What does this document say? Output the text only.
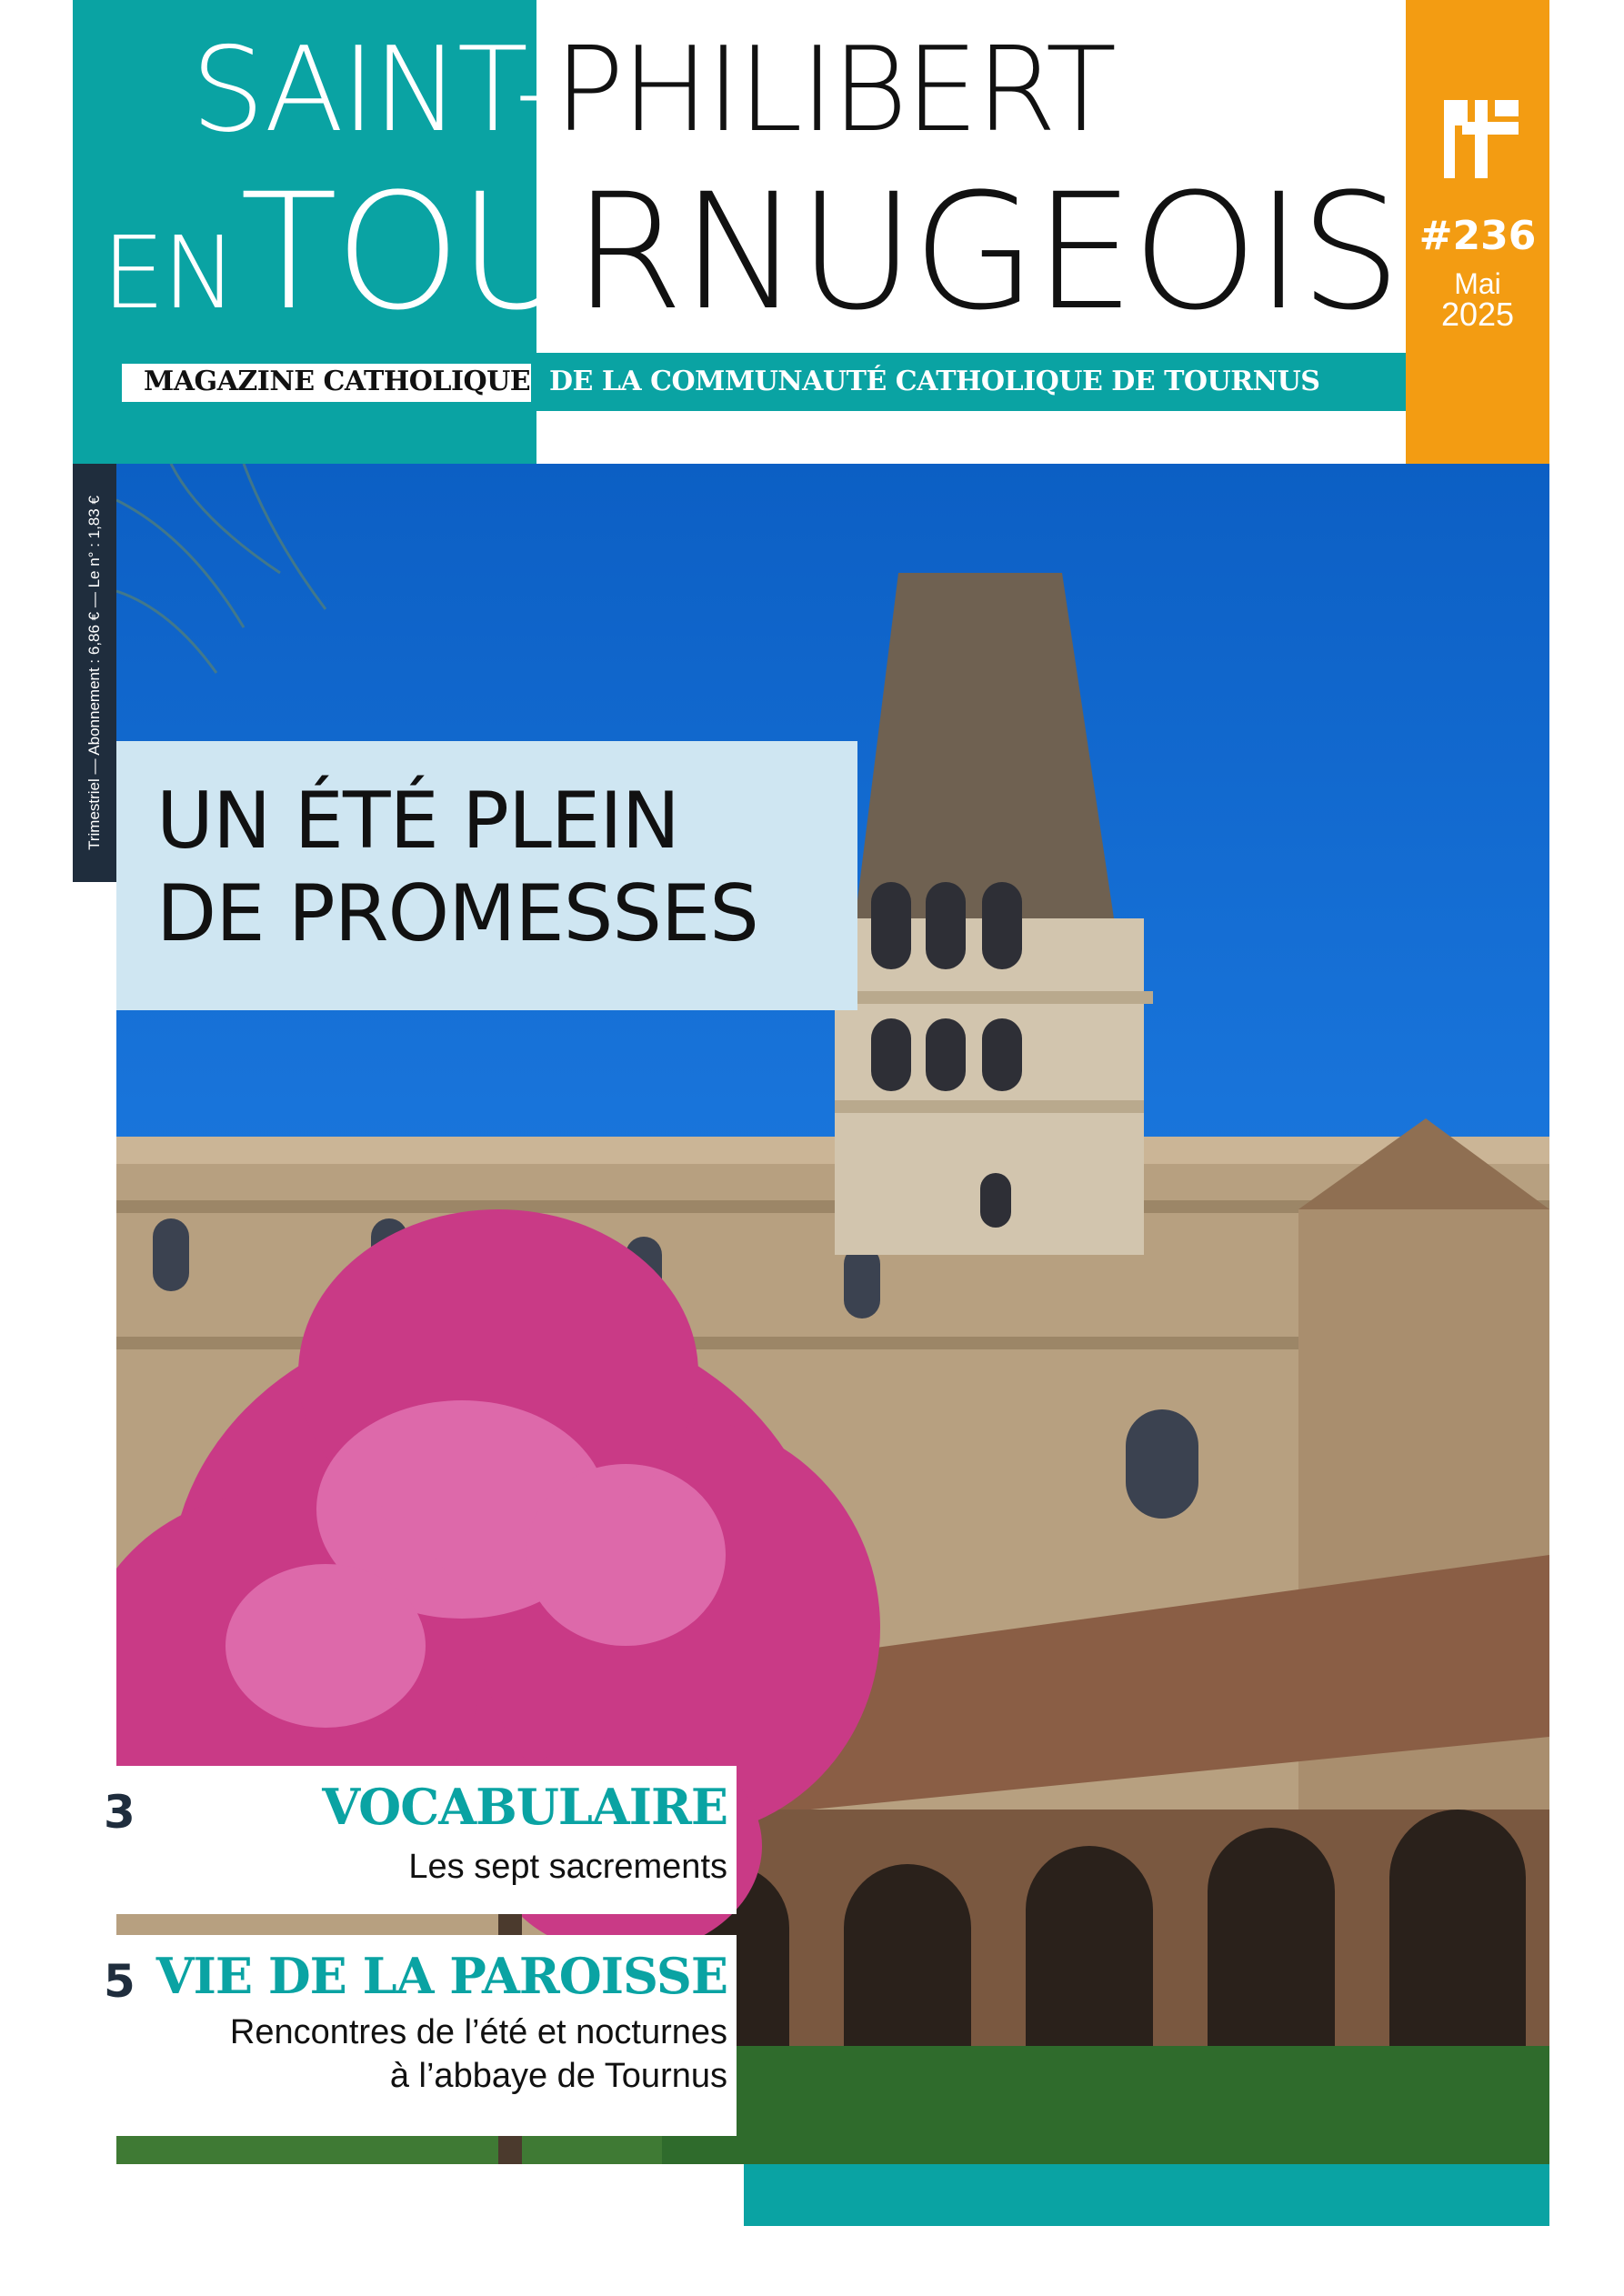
SAINT-PHILIBERT
ENTOURNUGEOIS
MAGAZINE CATHOLIQUE DE LA COMMUNAUTÉ CATHOLIQUE DE TOURNUS
#236
Mai
2025
Trimestriel — Abonnement : 6,86 € — Le n° : 1,83 € UN ÉTÉ PLEIN
DE PROMESSES
3	VOCABULAIRE
Les sept sacrements
5 VIE DE LA PAROISSE
Rencontres de l’été et nocturnes
à l’abbaye de Tournus
